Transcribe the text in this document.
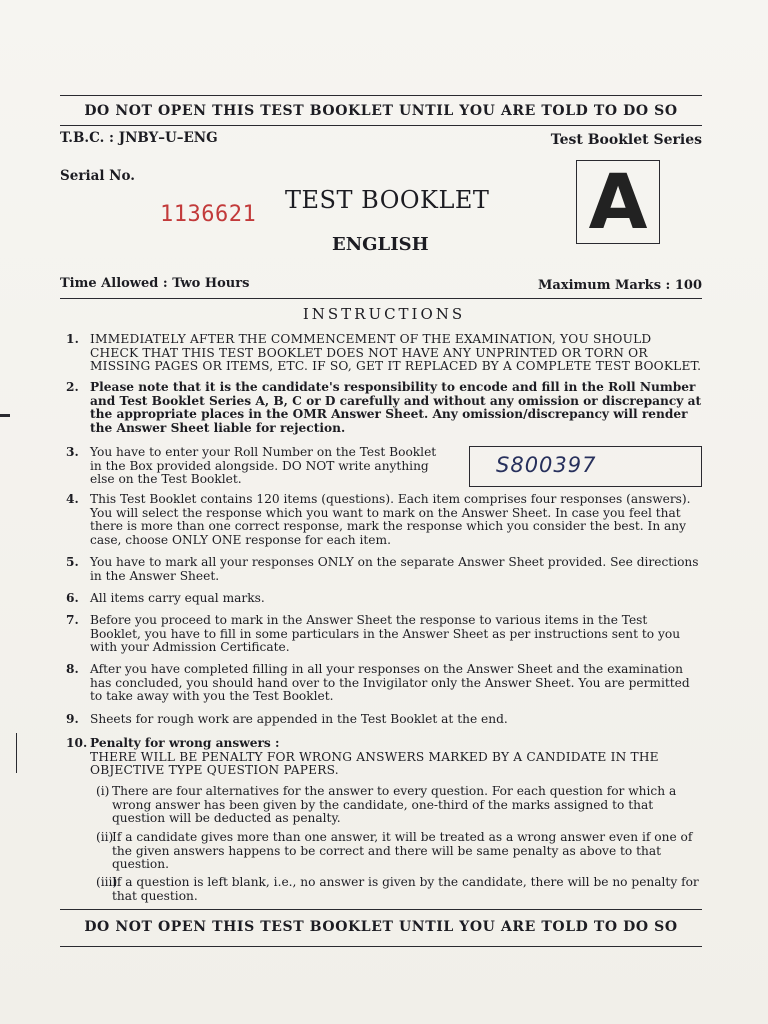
DO NOT OPEN THIS TEST BOOKLET UNTIL YOU ARE TOLD TO DO SO
T.B.C. : JNBY–U–ENG	Test Booklet Series
Serial No.
1136621
TEST BOOKLET
ENGLISH A
Time Allowed : Two Hours	Maximum Marks : 100
INSTRUCTIONS
1. IMMEDIATELY AFTER THE COMMENCEMENT OF THE EXAMINATION, YOU SHOULD CHECK THAT THIS TEST BOOKLET DOES NOT HAVE ANY UNPRINTED OR TORN OR MISSING PAGES OR ITEMS, ETC. IF SO, GET IT REPLACED BY A COMPLETE TEST BOOKLET.
2. Please note that it is the candidate's responsibility to encode and fill in the Roll Number and Test Booklet Series A, B, C or D carefully and without any omission or discrepancy at the appropriate places in the OMR Answer Sheet. Any omission/discrepancy will render the Answer Sheet liable for rejection.
3. You have to enter your Roll Number on the Test Booklet in the Box provided alongside. DO NOT write anything else on the Test Booklet.
S800397
4. This Test Booklet contains 120 items (questions). Each item comprises four responses (answers). You will select the response which you want to mark on the Answer Sheet. In case you feel that there is more than one correct response, mark the response which you consider the best. In any case, choose ONLY ONE response for each item.
5. You have to mark all your responses ONLY on the separate Answer Sheet provided. See directions in the Answer Sheet.
6. All items carry equal marks.
7. Before you proceed to mark in the Answer Sheet the response to various items in the Test Booklet, you have to fill in some particulars in the Answer Sheet as per instructions sent to you with your Admission Certificate.
8. After you have completed filling in all your responses on the Answer Sheet and the examination has concluded, you should hand over to the Invigilator only the Answer Sheet. You are permitted to take away with you the Test Booklet.
9. Sheets for rough work are appended in the Test Booklet at the end.
10. Penalty for wrong answers :
THERE WILL BE PENALTY FOR WRONG ANSWERS MARKED BY A CANDIDATE IN THE OBJECTIVE TYPE QUESTION PAPERS.
(i) There are four alternatives for the answer to every question. For each question for which a wrong answer has been given by the candidate, one-third of the marks assigned to that question will be deducted as penalty.
(ii)
If a candidate gives more than one answer, it will be treated as a wrong answer even if one of the given answers happens to be correct and there will be same penalty as above to that question.
(iii)
If a question is left blank, i.e., no answer is given by the candidate, there will be no penalty for that question.
DO NOT OPEN THIS TEST BOOKLET UNTIL YOU ARE TOLD TO DO SO
